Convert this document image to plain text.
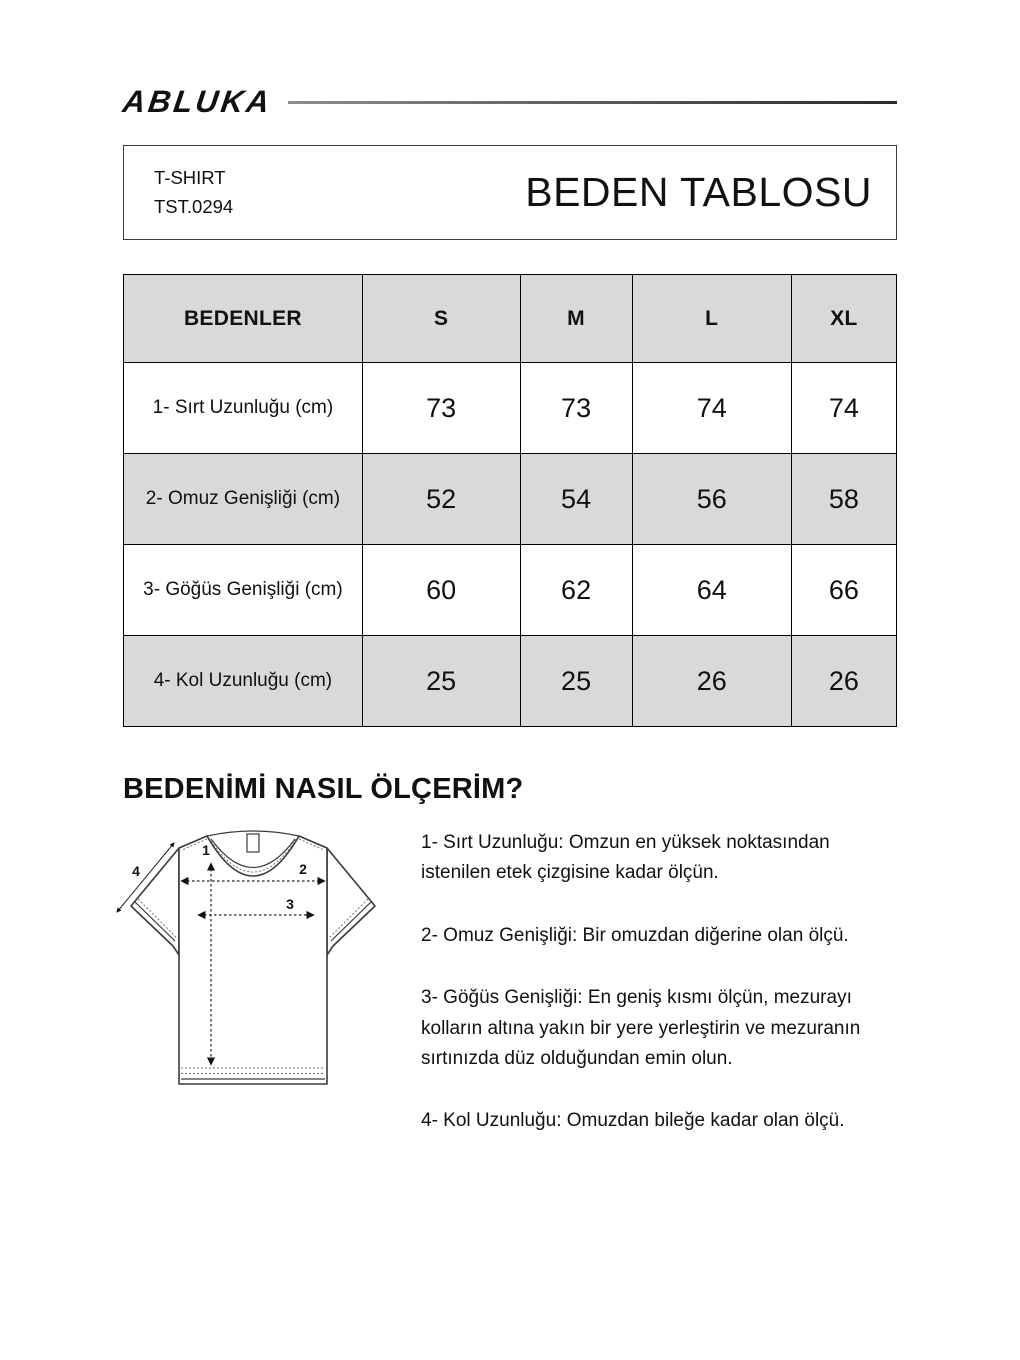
ABLUKA
T-SHIRT
TST.0294	BEDEN TABLOSU
BEDENLER	S	M	L	XL
1- Sırt Uzunluğu (cm)	73	73	74	74
2- Omuz Genişliği (cm)	52	54	56	58
3- Göğüs Genişliği (cm)	60	62	64	66
4- Kol Uzunluğu (cm)	25	25	26	26
BEDENİMİ NASIL ÖLÇERİM?
1
2
3
4

1- Sırt Uzunluğu: Omzun en yüksek noktasından istenilen etek çizgisine kadar ölçün.

2- Omuz Genişliği: Bir omuzdan diğerine olan ölçü.

3- Göğüs Genişliği: En geniş kısmı ölçün, mezurayı kolların altına yakın bir yere yerleştirin ve mezuranın sırtınızda düz olduğundan emin olun.

4- Kol Uzunluğu: Omuzdan bileğe kadar olan ölçü.
